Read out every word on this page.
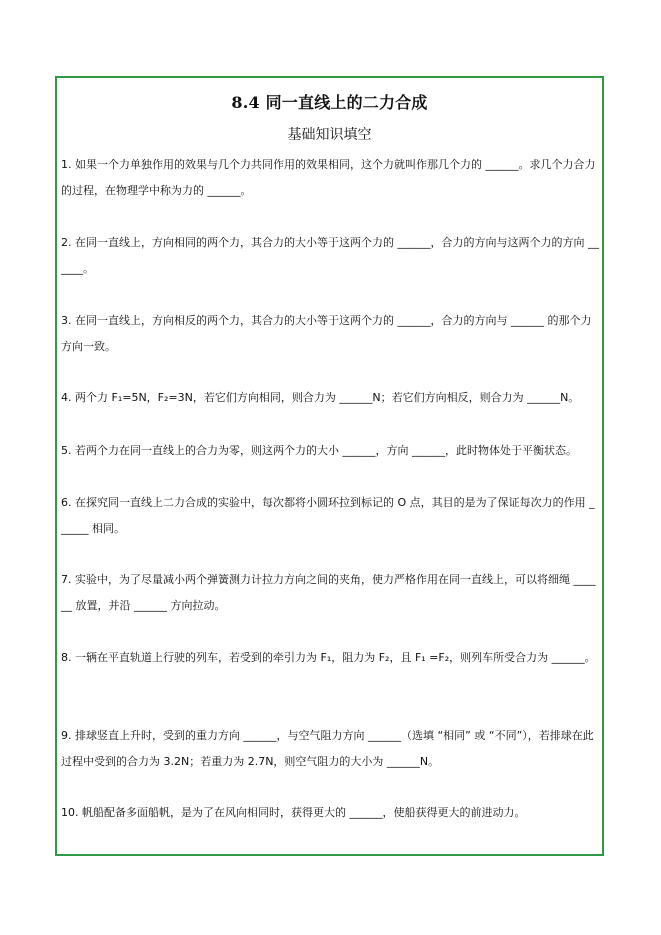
8.4 同一直线上的二力合成
基础知识填空
1. 如果一个力单独作用的效果与几个力共同作用的效果相同，这个力就叫作那几个力的 ______。求几个力合力的过程，在物理学中称为力的 ______。
2. 在同一直线上，方向相同的两个力，其合力的大小等于这两个力的 ______，合力的方向与这两个力的方向 ______。
3. 在同一直线上，方向相反的两个力，其合力的大小等于这两个力的 ______，合力的方向与 ______ 的那个力方向一致。
4. 两个力 F₁=5N，F₂=3N，若它们方向相同，则合力为 ______N；若它们方向相反，则合力为 ______N。
5. 若两个力在同一直线上的合力为零，则这两个力的大小 ______，方向 ______，此时物体处于平衡状态。
6. 在探究同一直线上二力合成的实验中，每次都将小圆环拉到标记的 O 点，其目的是为了保证每次力的作用 ______ 相同。
7. 实验中，为了尽量减小两个弹簧测力计拉力方向之间的夹角，使力严格作用在同一直线上，可以将细绳 ______ 放置，并沿 ______ 方向拉动。
8. 一辆在平直轨道上行驶的列车，若受到的牵引力为 F₁，阻力为 F₂，且 F₁ =F₂，则列车所受合力为 ______。
9. 排球竖直上升时，受到的重力方向 ______，与空气阻力方向 ______（选填 “相同” 或 “不同”），若排球在此过程中受到的合力为 3.2N；若重力为 2.7N，则空气阻力的大小为 ______N。
10. 帆船配备多面船帆，是为了在风向相同时，获得更大的 ______，使船获得更大的前进动力。
